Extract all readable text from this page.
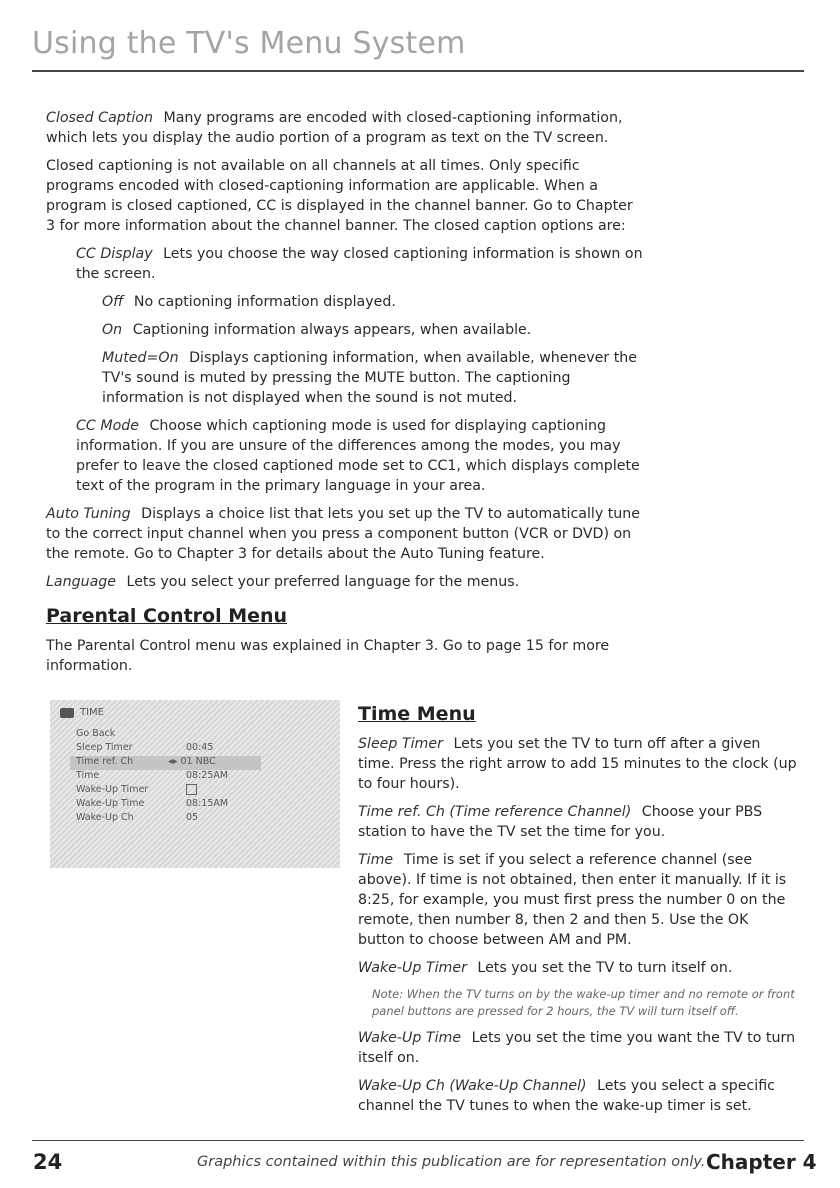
Using the TV's Menu System

Closed Caption Many programs are encoded with closed-captioning information, which lets you display the audio portion of a program as text on the TV screen.

Closed captioning is not available on all channels at all times. Only specific programs encoded with closed-captioning information are applicable. When a program is closed captioned, CC is displayed in the channel banner. Go to Chapter 3 for more information about the channel banner. The closed caption options are:

CC Display Lets you choose the way closed captioning information is shown on the screen.

Off No captioning information displayed.

On Captioning information always appears, when available.

Muted=On Displays captioning information, when available, whenever the TV's sound is muted by pressing the MUTE button. The captioning information is not displayed when the sound is not muted.

CC Mode Choose which captioning mode is used for displaying captioning information. If you are unsure of the differences among the modes, you may prefer to leave the closed captioned mode set to CC1, which displays complete text of the program in the primary language in your area.

Auto Tuning Displays a choice list that lets you set up the TV to automatically tune to the correct input channel when you press a component button (VCR or DVD) on the remote. Go to Chapter 3 for details about the Auto Tuning feature.

Language Lets you select your preferred language for the menus.

Parental Control Menu

The Parental Control menu was explained in Chapter 3. Go to page 15 for more information.

TIME
Go Back
Sleep Timer	00:45
Time ref. Ch	◂▸ 01 NBC
Time	08:25AM
Wake-Up Timer
Wake-Up Time	08:15AM
Wake-Up Ch	05
Time Menu

Sleep Timer Lets you set the TV to turn off after a given time. Press the right arrow to add 15 minutes to the clock (up to four hours).

Time ref. Ch (Time reference Channel) Choose your PBS station to have the TV set the time for you.

Time Time is set if you select a reference channel (see above). If time is not obtained, then enter it manually. If it is 8:25, for example, you must first press the number 0 on the remote, then number 8, then 2 and then 5. Use the OK button to choose between AM and PM.

Wake-Up Timer Lets you set the TV to turn itself on.

Note: When the TV turns on by the wake-up timer and no remote or front panel buttons are pressed for 2 hours, the TV will turn itself off.

Wake-Up Time Lets you set the time you want the TV to turn itself on.

Wake-Up Ch (Wake-Up Channel) Lets you select a specific channel the TV tunes to when the wake-up timer is set.

24	Graphics contained within this publication are for representation only. Chapter 4
